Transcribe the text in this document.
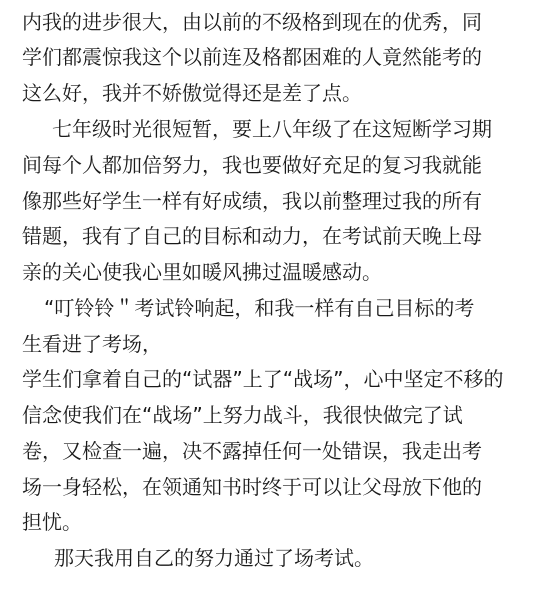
内我的进步很大，由以前的不级格到现在的优秀，同
学们都震惊我这个以前连及格都困难的人竟然能考的
这么好，我并不娇傲觉得还是差了点。
七年级时光很短暂，要上八年级了在这短断学习期
间每个人都加倍努力，我也要做好充足的复习我就能
像那些好学生一样有好成绩，我以前整理过我的所有
错题，我有了自己的目标和动力，在考试前天晚上母
亲的关心使我心里如暖风拂过温暖感动。
“叮铃铃＂考试铃响起，和我一样有自己目标的考
生看进了考场，
学生们拿着自己的“试器”上了“战场”，心中坚定不移的
信念使我们在“战场”上努力战斗，我很快做完了试
卷，又检查一遍，决不露掉任何一处错误，我走出考
场一身轻松，在领通知书时终于可以让父母放下他的
担忧。
那天我用自乙的努力通过了场考试。
